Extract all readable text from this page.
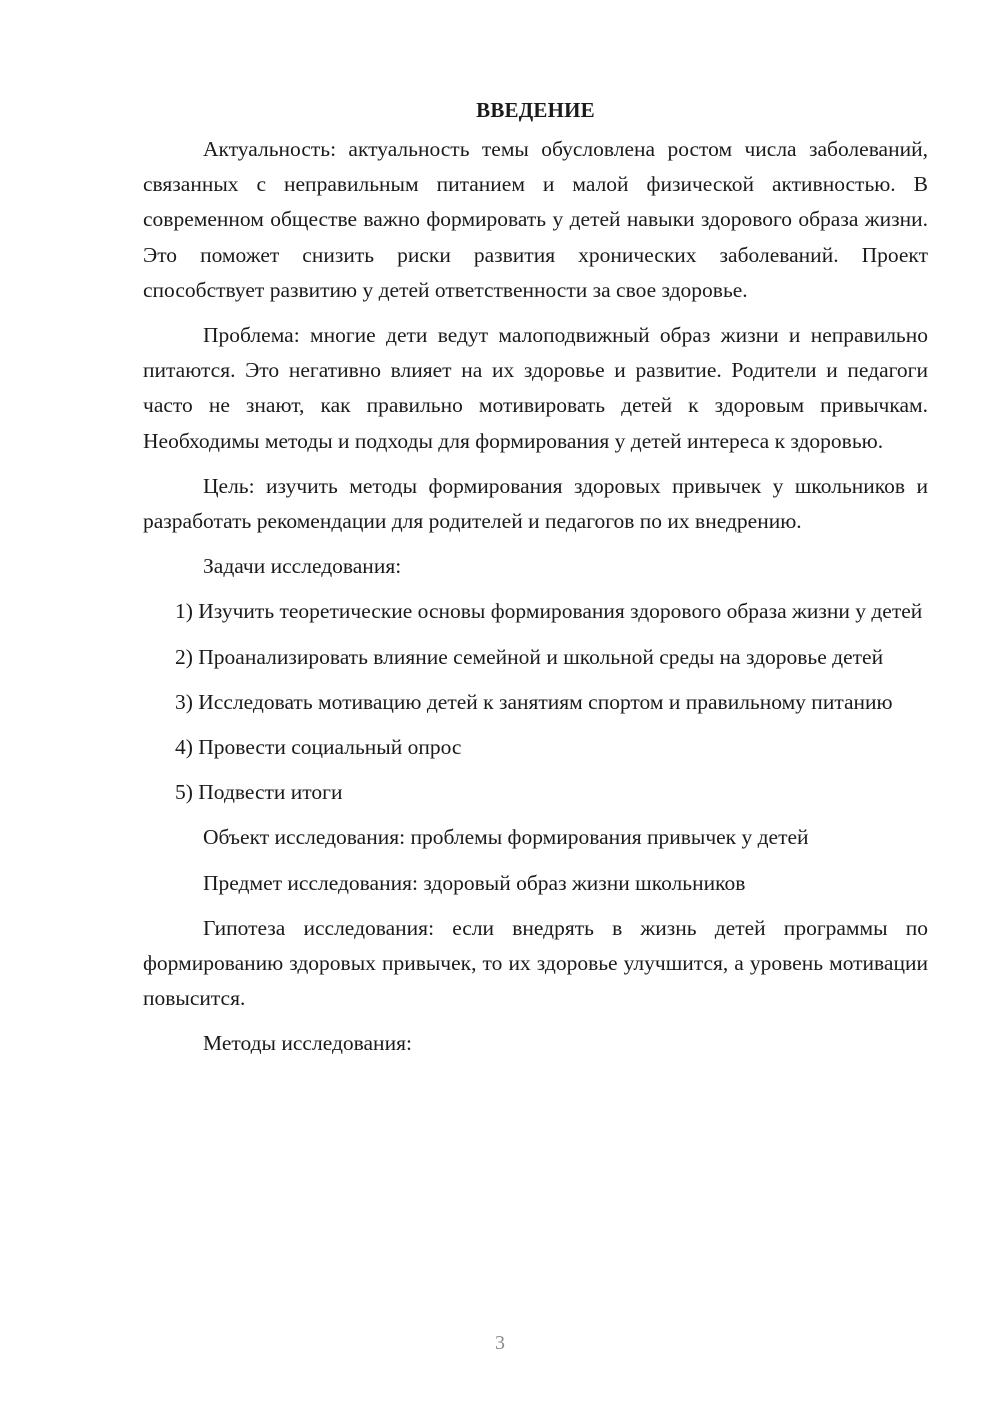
ВВЕДЕНИЕ

Актуальность: актуальность темы обусловлена ростом числа заболеваний, связанных с неправильным питанием и малой физической активностью. В современном обществе важно формировать у детей навыки здорового образа жизни. Это поможет снизить риски развития хронических заболеваний. Проект способствует развитию у детей ответственности за свое здоровье.

Проблема: многие дети ведут малоподвижный образ жизни и неправильно питаются. Это негативно влияет на их здоровье и развитие. Родители и педагоги часто не знают, как правильно мотивировать детей к здоровым привычкам. Необходимы методы и подходы для формирования у детей интереса к здоровью.

Цель: изучить методы формирования здоровых привычек у школьников и разработать рекомендации для родителей и педагогов по их внедрению.

Задачи исследования:

1) Изучить теоретические основы формирования здорового образа жизни у детей

2) Проанализировать влияние семейной и школьной среды на здоровье детей

3) Исследовать мотивацию детей к занятиям спортом и правильному питанию

4) Провести социальный опрос

5) Подвести итоги

Объект исследования: проблемы формирования привычек у детей

Предмет исследования: здоровый образ жизни школьников

Гипотеза исследования: если внедрять в жизнь детей программы по формированию здоровых привычек, то их здоровье улучшится, а уровень мотивации повысится.

Методы исследования:

3
